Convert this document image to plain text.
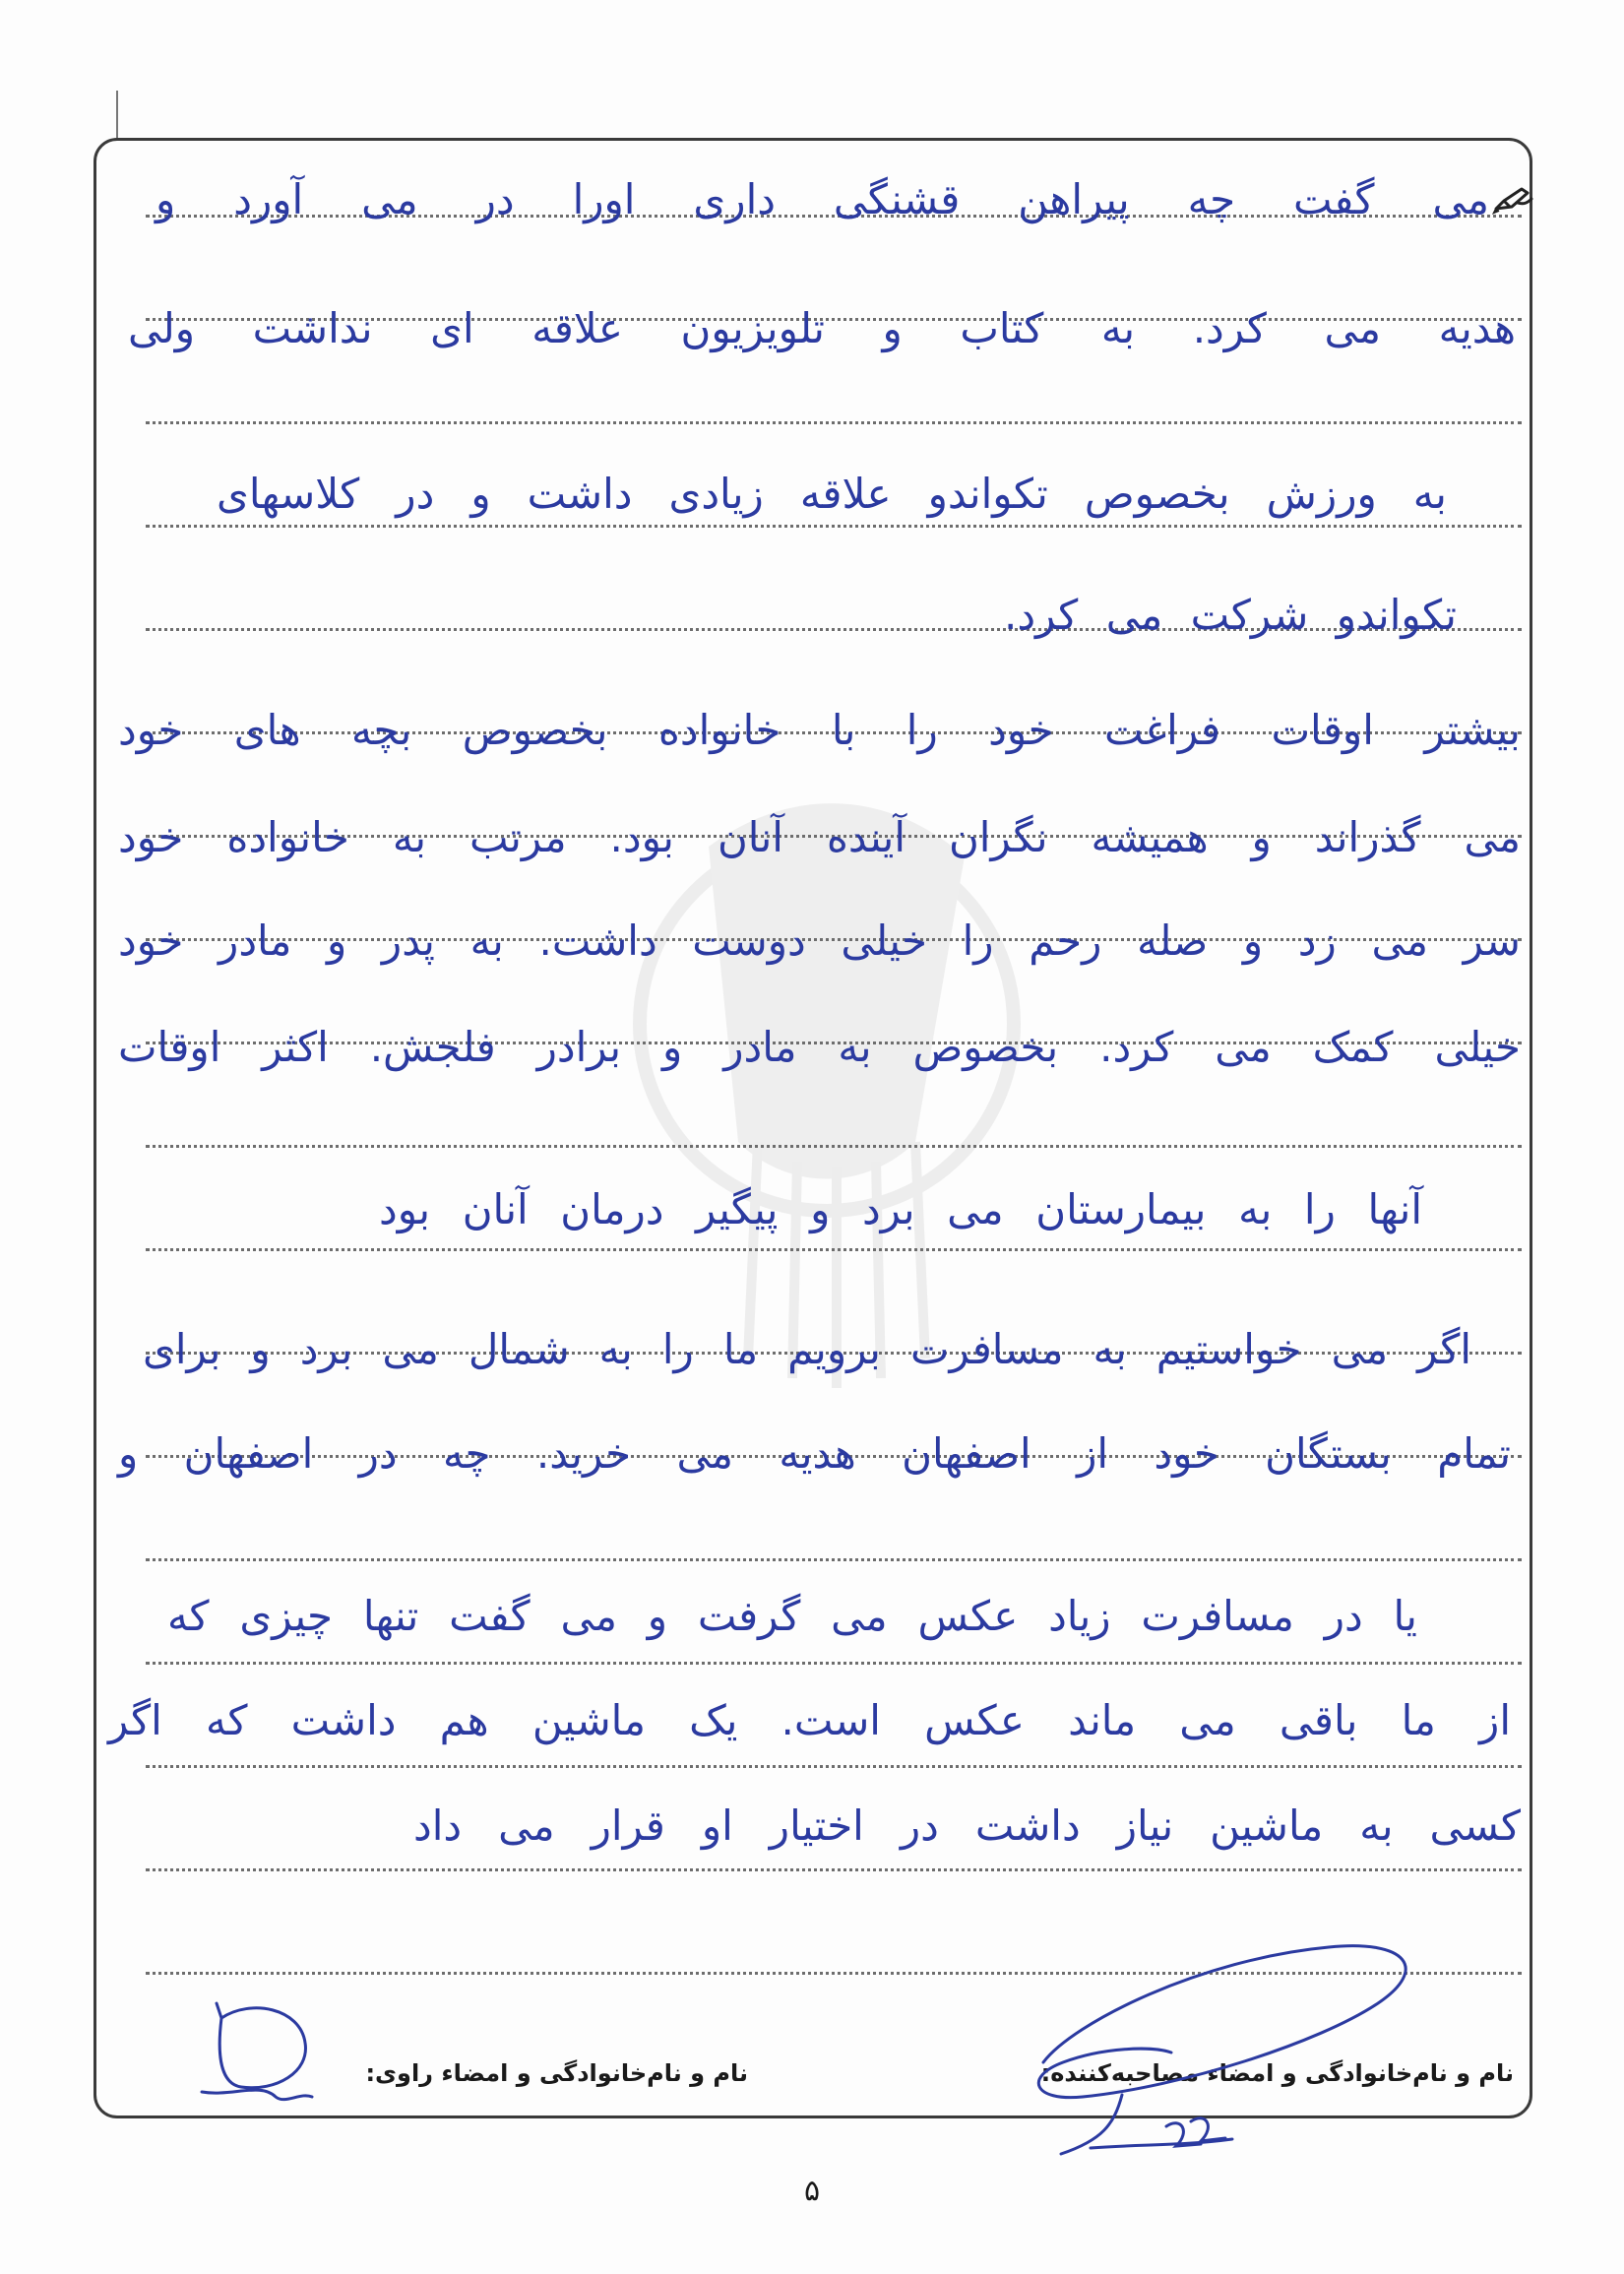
می گفت چه پیراهن قشنگی داری اورا در می آورد و
هدیه می کرد. به کتاب و تلویزیون علاقه ای نداشت ولی
به ورزش بخصوص تکواندو علاقه زیادی داشت و در کلاسهای
تکواندو شرکت می کرد.
بیشتر اوقات فراغت خود را با خانواده بخصوص بچه های خود
می گذراند و همیشه نگران آینده آنان بود. مرتب به خانواده خود
سر می زد و صله رحم را خیلی دوست داشت. به پدر و مادر خود
خیلی کمک می کرد. بخصوص به مادر و برادر فلجش. اکثر اوقات
آنها را به بیمارستان می برد و پیگیر درمان آنان بود
اگر می خواستیم به مسافرت برویم ما را به شمال می برد و برای
تمام بستگان خود از اصفهان هدیه می خرید. چه در اصفهان و
یا در مسافرت زیاد عکس می گرفت و می گفت تنها چیزی که
از ما باقی می ماند عکس است. یک ماشین هم داشت که اگر
کسی به ماشین نیاز داشت در اختیار او قرار می داد
نام و نام‌خانوادگی و امضاء مصاحبه‌کننده:
نام و نام‌خانوادگی و امضاء راوی:
۵
